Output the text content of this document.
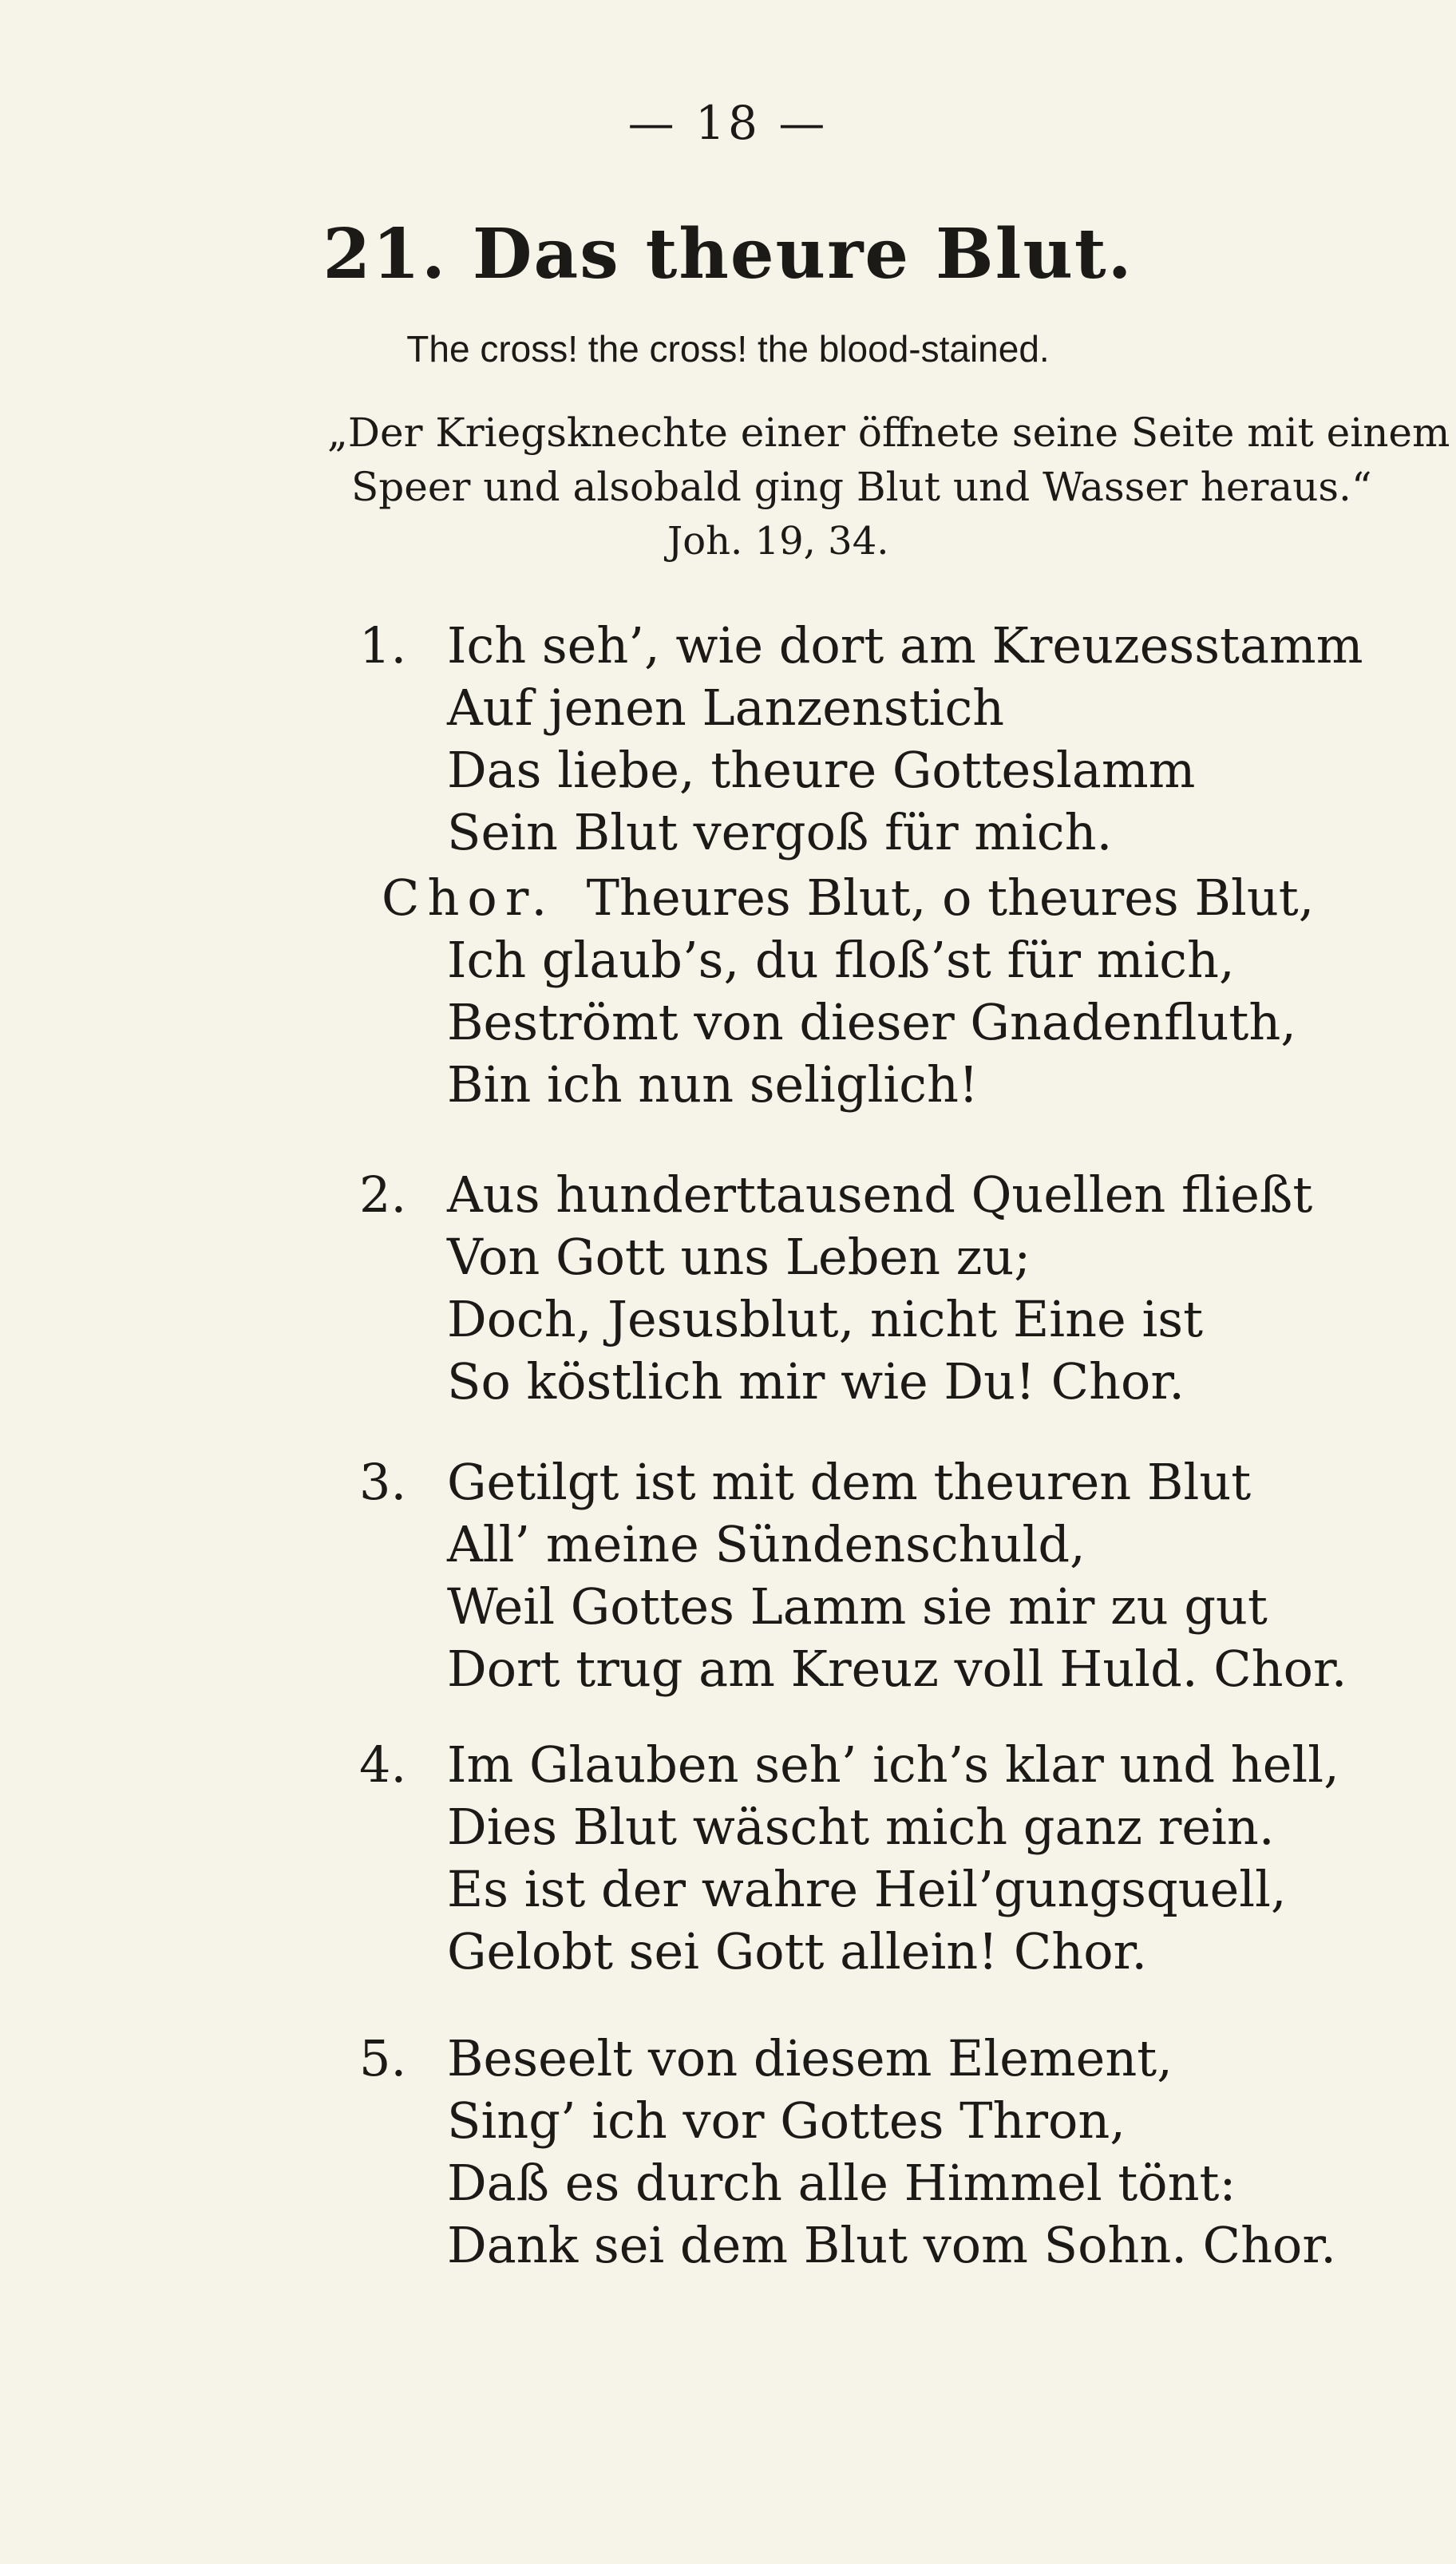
— 18 —
21. Das theure Blut.
The cross! the cross! the blood-stained.
„Der Kriegsknechte einer öffnete seine Seite mit einem
Speer und alsobald ging Blut und Wasser heraus.“
Joh. 19, 34.
1. Ich seh’, wie dort am Kreuzesstamm
Auf jenen Lanzenstich
Das liebe, theure Gotteslamm
Sein Blut vergoß für mich.
Chor. Theures Blut, o theures Blut,
Ich glaub’s, du floß’st für mich,
Beströmt von dieser Gnadenfluth,
Bin ich nun seliglich!
2. Aus hunderttausend Quellen fließt
Von Gott uns Leben zu;
Doch, Jesusblut, nicht Eine ist
So köstlich mir wie Du! Chor.
3. Getilgt ist mit dem theuren Blut
All’ meine Sündenschuld,
Weil Gottes Lamm sie mir zu gut
Dort trug am Kreuz voll Huld. Chor.
4. Im Glauben seh’ ich’s klar und hell,
Dies Blut wäscht mich ganz rein.
Es ist der wahre Heil’gungsquell,
Gelobt sei Gott allein! Chor.
5. Beseelt von diesem Element,
Sing’ ich vor Gottes Thron,
Daß es durch alle Himmel tönt:
Dank sei dem Blut vom Sohn. Chor.
